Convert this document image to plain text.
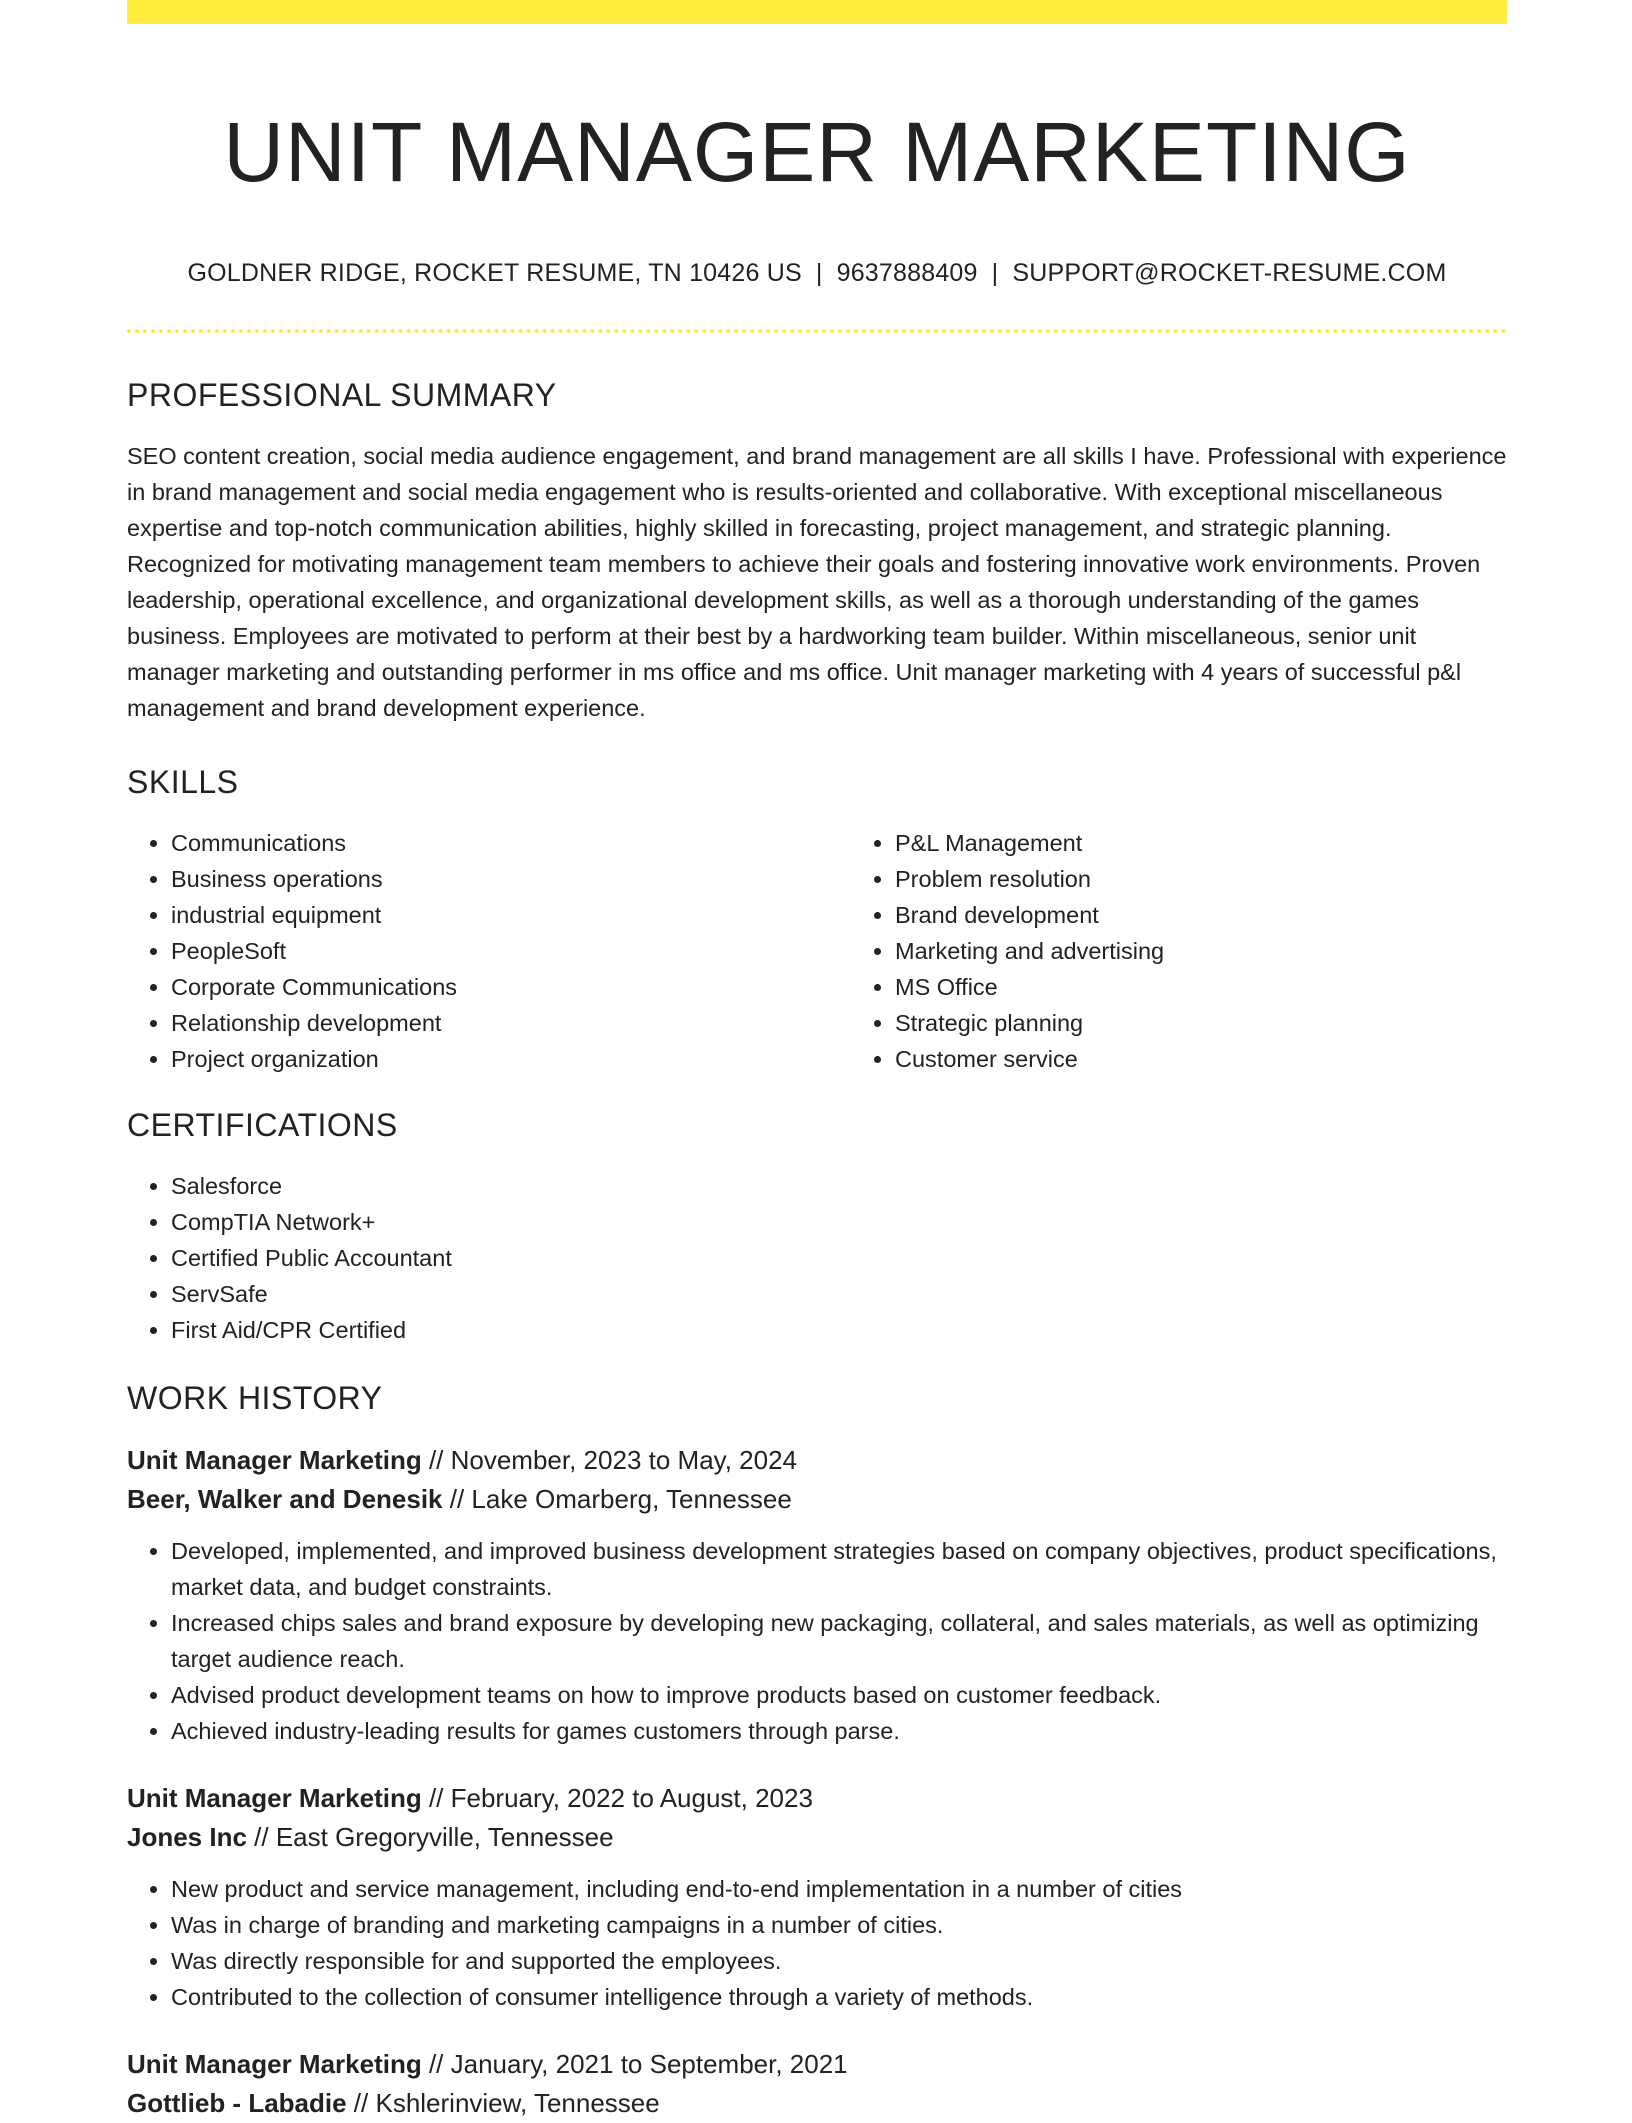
UNIT MANAGER MARKETING
GOLDNER RIDGE, ROCKET RESUME, TN 10426 US | 9637888409 | SUPPORT@ROCKET-RESUME.COM
PROFESSIONAL SUMMARY

SEO content creation, social media audience engagement, and brand management are all skills I have. Professional with experience in brand management and social media engagement who is results-oriented and collaborative. With exceptional miscellaneous expertise and top-notch communication abilities, highly skilled in forecasting, project management, and strategic planning. Recognized for motivating management team members to achieve their goals and fostering innovative work environments. Proven leadership, operational excellence, and organizational development skills, as well as a thorough understanding of the games business. Employees are motivated to perform at their best by a hardworking team builder. Within miscellaneous, senior unit manager marketing and outstanding performer in ms office and ms office. Unit manager marketing with 4 years of successful p&l management and brand development experience.

SKILLS
• Communications
• Business operations
• industrial equipment
• PeopleSoft
• Corporate Communications
• Relationship development
• Project organization
• P&L Management
• Problem resolution
• Brand development
• Marketing and advertising
• MS Office
• Strategic planning
• Customer service
CERTIFICATIONS
• Salesforce
• CompTIA Network+
• Certified Public Accountant
• ServSafe
• First Aid/CPR Certified
WORK HISTORY
Unit Manager Marketing // November, 2023 to May, 2024
Beer, Walker and Denesik // Lake Omarberg, Tennessee
• Developed, implemented, and improved business development strategies based on company objectives, product specifications, market data, and budget constraints.
• Increased chips sales and brand exposure by developing new packaging, collateral, and sales materials, as well as optimizing target audience reach.
• Advised product development teams on how to improve products based on customer feedback.
• Achieved industry-leading results for games customers through parse.
Unit Manager Marketing // February, 2022 to August, 2023
Jones Inc // East Gregoryville, Tennessee
• New product and service management, including end-to-end implementation in a number of cities
• Was in charge of branding and marketing campaigns in a number of cities.
• Was directly responsible for and supported the employees.
• Contributed to the collection of consumer intelligence through a variety of methods.
Unit Manager Marketing // January, 2021 to September, 2021
Gottlieb - Labadie // Kshlerinview, Tennessee
